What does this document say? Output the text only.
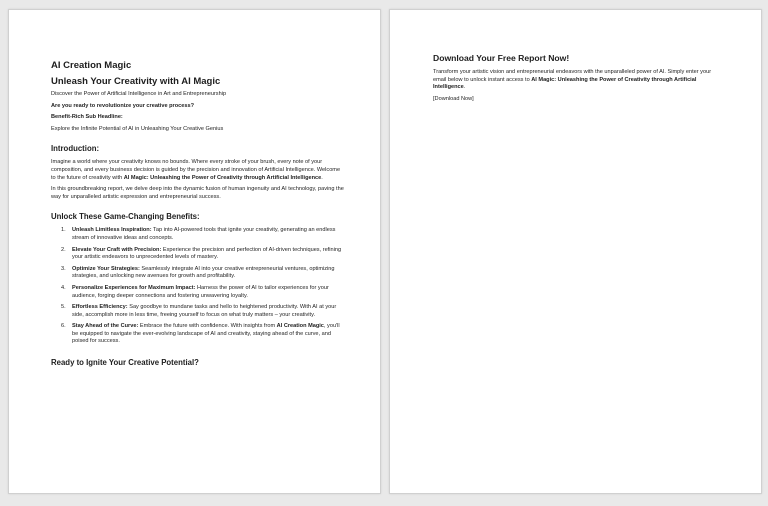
AI Creation Magic
Unleash Your Creativity with AI Magic

Discover the Power of Artificial Intelligence in Art and Entrepreneurship

Are you ready to revolutionize your creative process?

Benefit-Rich Sub Headline:

Explore the Infinite Potential of AI in Unleashing Your Creative Genius

Introduction:

Imagine a world where your creativity knows no bounds. Where every stroke of your brush, every note of your composition, and every business decision is guided by the precision and innovation of Artificial Intelligence. Welcome to the future of creativity with AI Magic: Unleashing the Power of Creativity through Artificial Intelligence.

In this groundbreaking report, we delve deep into the dynamic fusion of human ingenuity and AI technology, paving the way for unparalleled artistic expression and entrepreneurial success.

Unlock These Game-Changing Benefits:
1. Unleash Limitless Inspiration: Tap into AI-powered tools that ignite your creativity, generating an endless stream of innovative ideas and concepts.
2. Elevate Your Craft with Precision: Experience the precision and perfection of AI-driven techniques, refining your artistic endeavors to unprecedented levels of mastery.
3. Optimize Your Strategies: Seamlessly integrate AI into your creative entrepreneurial ventures, optimizing strategies, and unlocking new avenues for growth and profitability.
4. Personalize Experiences for Maximum Impact: Harness the power of AI to tailor experiences for your audience, forging deeper connections and fostering unwavering loyalty.
5. Effortless Efficiency: Say goodbye to mundane tasks and hello to heightened productivity. With AI at your side, accomplish more in less time, freeing yourself to focus on what truly matters – your creativity.
6. Stay Ahead of the Curve: Embrace the future with confidence. With insights from AI Creation Magic, you'll be equipped to navigate the ever-evolving landscape of AI and creativity, staying ahead of the curve, and poised for success.
Ready to Ignite Your Creative Potential?
Download Your Free Report Now!

Transform your artistic vision and entrepreneurial endeavors with the unparalleled power of AI. Simply enter your email below to unlock instant access to AI Magic: Unleashing the Power of Creativity through Artificial Intelligence.

[Download Now]
